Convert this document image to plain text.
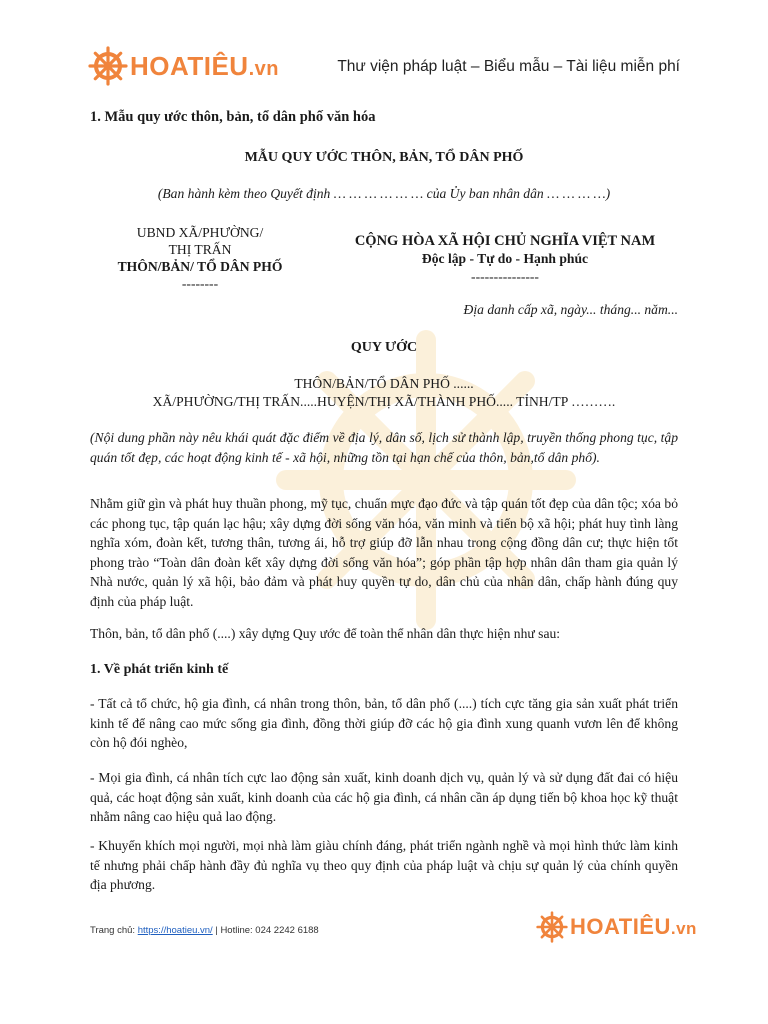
HOATIÊU.vn	Thư viện pháp luật – Biểu mẫu – Tài liệu miễn phí
1. Mẫu quy ước thôn, bản, tổ dân phố văn hóa
MẪU QUY ƯỚC THÔN, BẢN, TỔ DÂN PHỐ
(Ban hành kèm theo Quyết định … … … … … … của Ủy ban nhân dân … … … …)
UBND XÃ/PHƯỜNG/
THỊ TRẤN
THÔN/BẢN/ TỔ DÂN PHỐ
--------
CỘNG HÒA XÃ HỘI CHỦ NGHĨA VIỆT NAM
Độc lập - Tự do - Hạnh phúc
---------------
Địa danh cấp xã, ngày... tháng... năm...
QUY ƯỚC
THÔN/BẢN/TỔ DÂN PHỐ ......
XÃ/PHƯỜNG/THỊ TRẤN.....HUYỆN/THỊ XÃ/THÀNH PHỐ..... TỈNH/TP ……….
(Nội dung phần này nêu khái quát đặc điểm về địa lý, dân số, lịch sử thành lập, truyền thống phong tục, tập quán tốt đẹp, các hoạt động kinh tế - xã hội, những tồn tại hạn chế của thôn, bản,tổ dân phố).
Nhằm giữ gìn và phát huy thuần phong, mỹ tục, chuẩn mực đạo đức và tập quán tốt đẹp của dân tộc; xóa bỏ các phong tục, tập quán lạc hậu; xây dựng đời sống văn hóa, văn minh và tiến bộ xã hội; phát huy tình làng nghĩa xóm, đoàn kết, tương thân, tương ái, hỗ trợ giúp đỡ lẫn nhau trong cộng đồng dân cư; thực hiện tốt phong trào “Toàn dân đoàn kết xây dựng đời sống văn hóa”; góp phần tập hợp nhân dân tham gia quản lý Nhà nước, quản lý xã hội, bảo đảm và phát huy quyền tự do, dân chủ của nhân dân, chấp hành đúng quy định của pháp luật.
Thôn, bản, tổ dân phố (....) xây dựng Quy ước để toàn thể nhân dân thực hiện như sau:
1. Về phát triển kinh tế
- Tất cả tổ chức, hộ gia đình, cá nhân trong thôn, bản, tổ dân phố (....) tích cực tăng gia sản xuất phát triển kinh tế để nâng cao mức sống gia đình, đồng thời giúp đỡ các hộ gia đình xung quanh vươn lên để không còn hộ đói nghèo,
- Mọi gia đình, cá nhân tích cực lao động sản xuất, kinh doanh dịch vụ, quản lý và sử dụng đất đai có hiệu quả, các hoạt động sản xuất, kinh doanh của các hộ gia đình, cá nhân cần áp dụng tiến bộ khoa học kỹ thuật nhằm nâng cao hiệu quả lao động.
- Khuyến khích mọi người, mọi nhà làm giàu chính đáng, phát triển ngành nghề và mọi hình thức làm kinh tế nhưng phải chấp hành đầy đủ nghĩa vụ theo quy định của pháp luật và chịu sự quản lý của chính quyền địa phương.
Trang chủ: https://hoatieu.vn/ | Hotline: 024 2242 6188	HOATIÊU.vn
